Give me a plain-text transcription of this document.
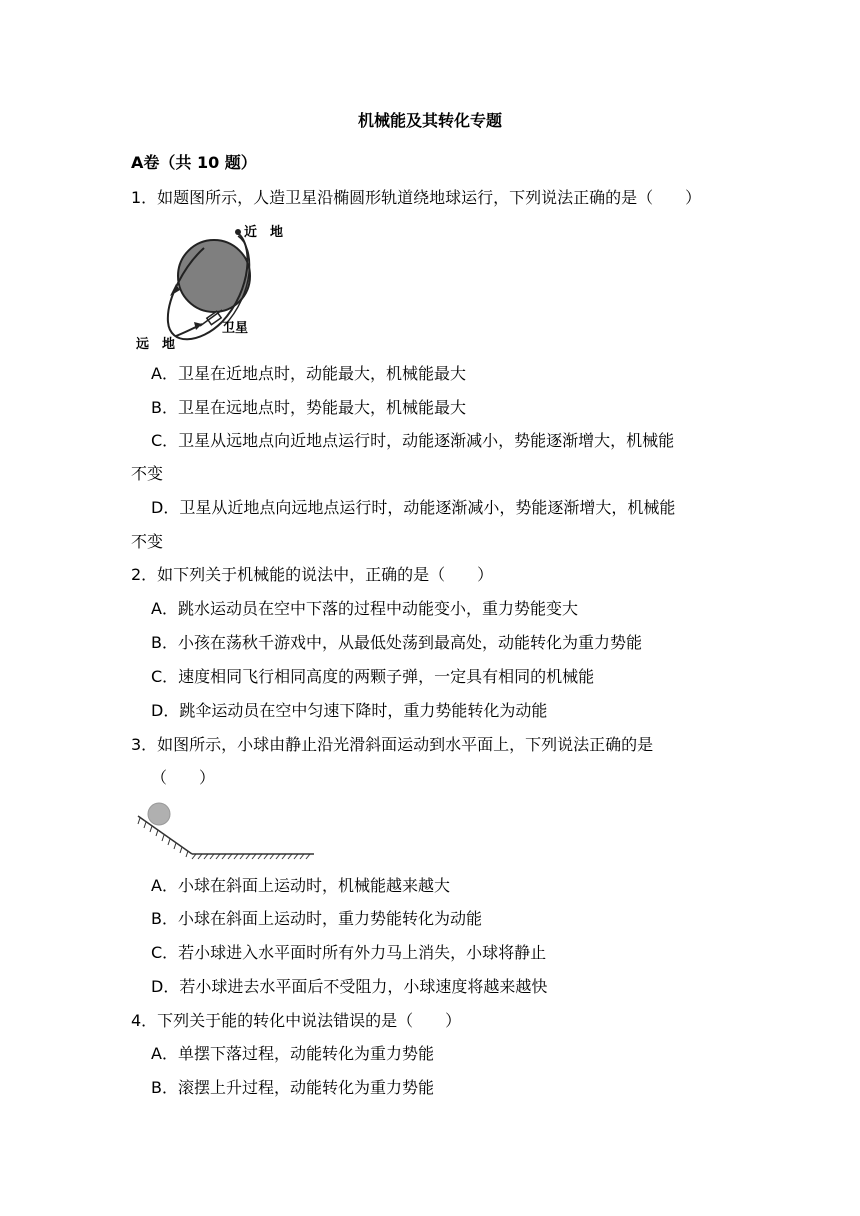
机械能及其转化专题
A卷（共 10 题）
1．如题图所示，人造卫星沿椭圆形轨道绕地球运行，下列说法正确的是（　　）
近　地
卫星
远　地
A．卫星在近地点时，动能最大，机械能最大
B．卫星在远地点时，势能最大，机械能最大
C．卫星从远地点向近地点运行时，动能逐渐减小，势能逐渐增大，机械能
不变
D．卫星从近地点向远地点运行时，动能逐渐减小，势能逐渐增大，机械能
不变
2．如下列关于机械能的说法中，正确的是（　　）
A．跳水运动员在空中下落的过程中动能变小，重力势能变大
B．小孩在荡秋千游戏中，从最低处荡到最高处，动能转化为重力势能
C．速度相同飞行相同高度的两颗子弹，一定具有相同的机械能
D．跳伞运动员在空中匀速下降时，重力势能转化为动能
3．如图所示，小球由静止沿光滑斜面运动到水平面上，下列说法正确的是
（　　）
A．小球在斜面上运动时，机械能越来越大
B．小球在斜面上运动时，重力势能转化为动能
C．若小球进入水平面时所有外力马上消失，小球将静止
D．若小球进去水平面后不受阻力，小球速度将越来越快
4．下列关于能的转化中说法错误的是（　　）
A．单摆下落过程，动能转化为重力势能
B．滚摆上升过程，动能转化为重力势能
